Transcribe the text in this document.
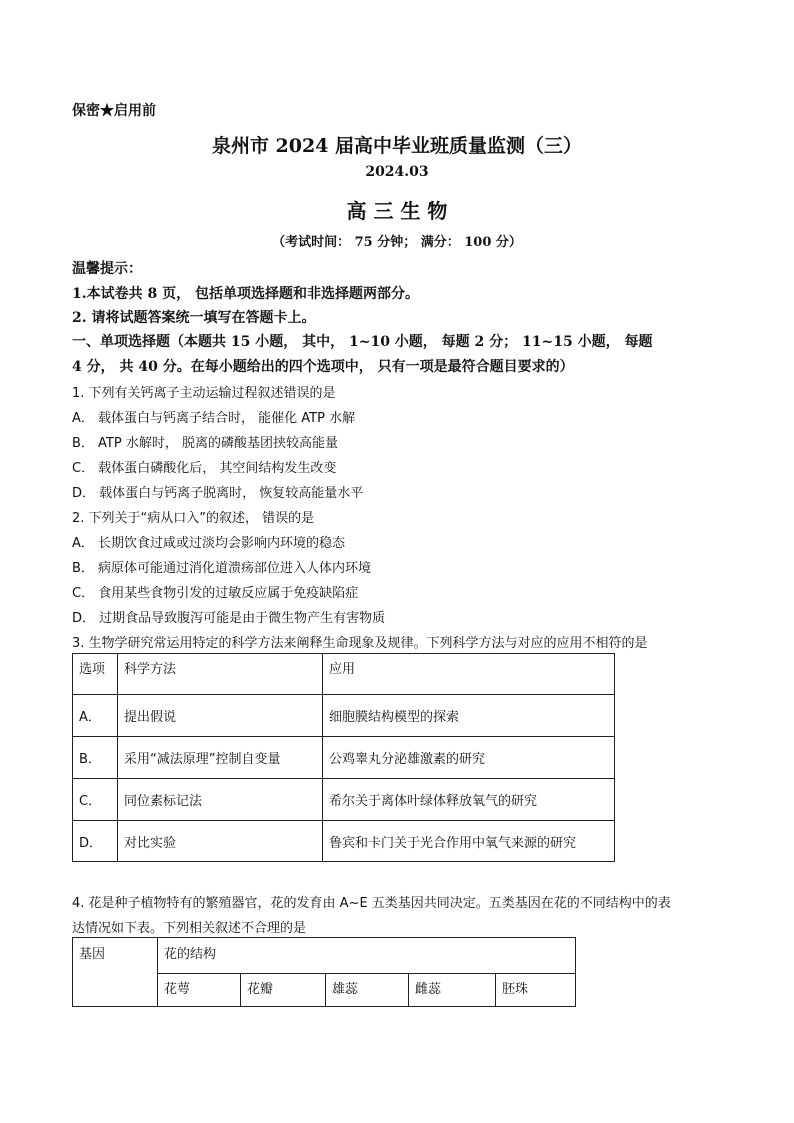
保密★启用前
泉州市 2024 届高中毕业班质量监测（三）
2024.03
高 三 生 物
（考试时间： 75 分钟； 满分： 100 分）
温馨提示：
1.本试卷共 8 页， 包括单项选择题和非选择题两部分。
2. 请将试题答案统一填写在答题卡上。
一、单项选择题（本题共 15 小题， 其中， 1~10 小题， 每题 2 分； 11~15 小题， 每题
4 分， 共 40 分。在每小题给出的四个选项中， 只有一项是最符合题目要求的）
1. 下列有关钙离子主动运输过程叙述错误的是
A． 载体蛋白与钙离子结合时， 能催化 ATP 水解
B． ATP 水解时， 脱离的磷酸基团挟较高能量
C． 载体蛋白磷酸化后， 其空间结构发生改变
D． 载体蛋白与钙离子脱离时， 恢复较高能量水平
2. 下列关于“病从口入”的叙述， 错误的是
A． 长期饮食过咸或过淡均会影响内环境的稳态
B． 病原体可能通过消化道溃疡部位进入人体内环境
C． 食用某些食物引发的过敏反应属于免疫缺陷症
D． 过期食品导致腹泻可能是由于微生物产生有害物质
3. 生物学研究常运用特定的科学方法来阐释生命现象及规律。下列科学方法与对应的应用不相符的是
选项	科学方法	应用
A．	提出假说	细胞膜结构模型的探索
B．	采用“减法原理”控制自变量	公鸡睾丸分泌雄激素的研究
C．	同位素标记法	希尔关于离体叶绿体释放氧气的研究
D．	对比实验	鲁宾和卡门关于光合作用中氧气来源的研究
4. 花是种子植物特有的繁殖器官，花的发育由 A~E 五类基因共同决定。五类基因在花的不同结构中的表
达情况如下表。下列相关叙述不合理的是
基因	花的结构				
	花萼	花瓣	雄蕊	雌蕊	胚珠
